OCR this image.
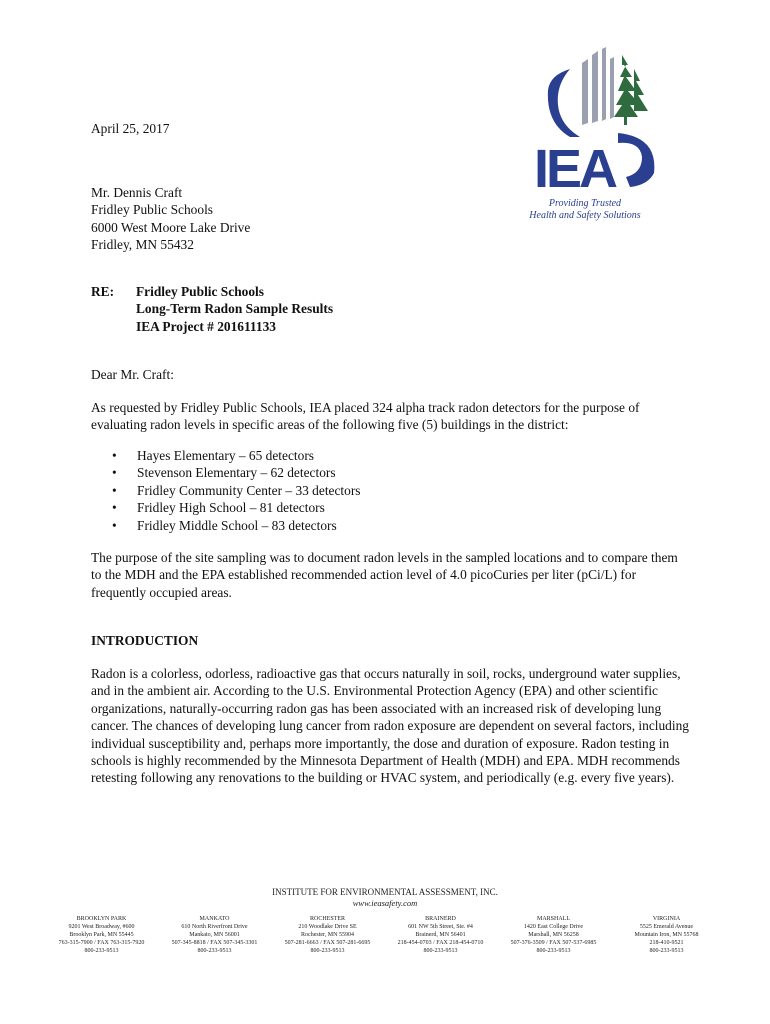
April 25, 2017
Mr. Dennis Craft
Fridley Public Schools
6000 West Moore Lake Drive
Fridley, MN 55432
IEA
Providing Trusted
Health and Safety Solutions
RE: Fridley Public Schools
Long-Term Radon Sample Results
IEA Project # 201611133
Dear Mr. Craft:
As requested by Fridley Public Schools, IEA placed 324 alpha track radon detectors for the purpose of evaluating radon levels in specific areas of the following five (5) buildings in the district:
• Hayes Elementary – 65 detectors
• Stevenson Elementary – 62 detectors
• Fridley Community Center – 33 detectors
• Fridley High School – 81 detectors
• Fridley Middle School – 83 detectors
The purpose of the site sampling was to document radon levels in the sampled locations and to compare them to the MDH and the EPA established recommended action level of 4.0 picoCuries per liter (pCi/L) for frequently occupied areas.
INTRODUCTION
Radon is a colorless, odorless, radioactive gas that occurs naturally in soil, rocks, underground water supplies, and in the ambient air. According to the U.S. Environmental Protection Agency (EPA) and other scientific organizations, naturally-occurring radon gas has been associated with an increased risk of developing lung cancer. The chances of developing lung cancer from radon exposure are dependent on several factors, including individual susceptibility and, perhaps more importantly, the dose and duration of exposure. Radon testing in schools is highly recommended by the Minnesota Department of Health (MDH) and EPA. MDH recommends retesting following any renovations to the building or HVAC system, and periodically (e.g. every five years).
INSTITUTE FOR ENVIRONMENTAL ASSESSMENT, INC.
www.ieasafety.com
BROOKLYN PARK
9201 West Broadway, #600
Brooklyn Park, MN 55445
763-315-7900 / FAX 763-315-7920
800-233-9513
MANKATO
610 North Riverfront Drive
Mankato, MN 56001
507-345-8818 / FAX 507-345-3301
800-233-9513
ROCHESTER
210 Woodlake Drive SE
Rochester, MN 55904
507-281-6663 / FAX 507-281-6695
800-233-9513
BRAINERD
601 NW 5th Street, Ste. #4
Brainerd, MN 56401
218-454-0703 / FAX 218-454-0710
800-233-9513
MARSHALL
1420 East College Drive
Marshall, MN 56258
507-376-3509 / FAX 507-537-6985
800-233-9513
VIRGINIA
5525 Emerald Avenue
Mountain Iron, MN 55768
218-410-9521
800-233-9513
